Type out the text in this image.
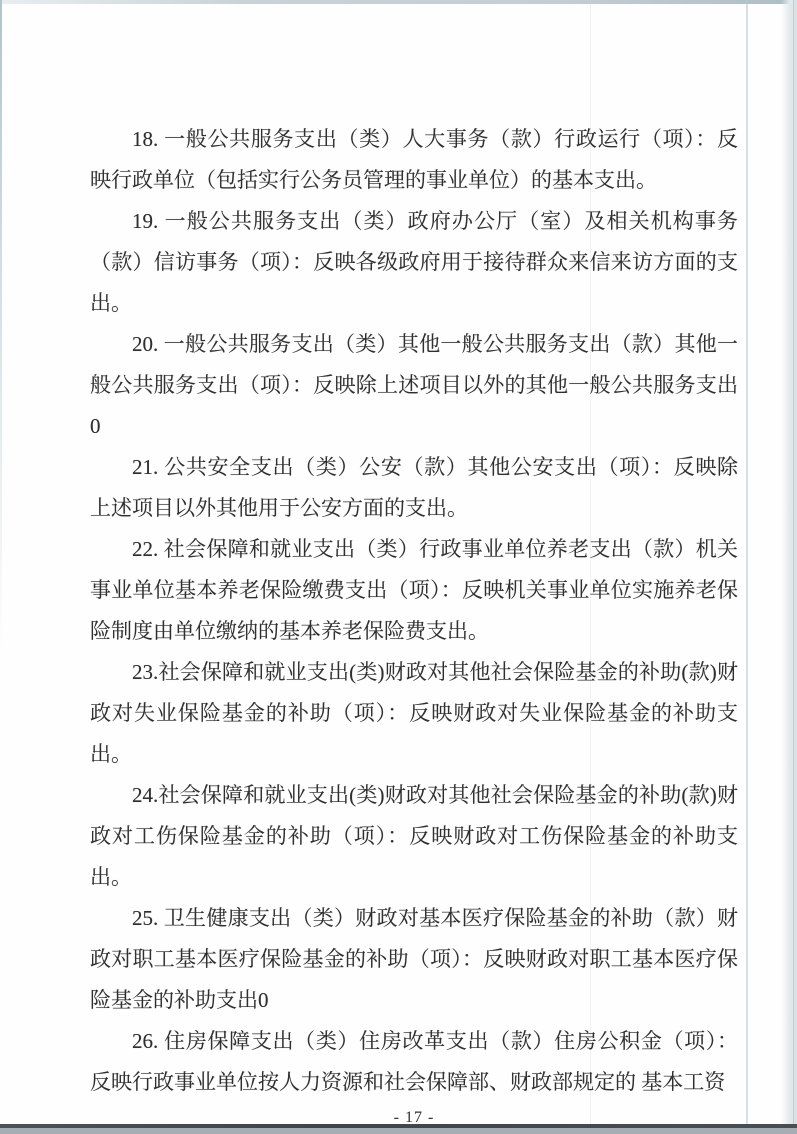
18. 一般公共服务支出（类）人大事务（款）行政运行（项）：反映行政单位（包括实行公务员管理的事业单位）的基本支出。

19. 一般公共服务支出（类）政府办公厅（室）及相关机构事务（款）信访事务（项）：反映各级政府用于接待群众来信来访方面的支出。

20. 一般公共服务支出（类）其他一般公共服务支出（款）其他一般公共服务支出（项）：反映除上述项目以外的其他一般公共服务支出0

21. 公共安全支出（类）公安（款）其他公安支出（项）：反映除上述项目以外其他用于公安方面的支出。

22. 社会保障和就业支出（类）行政事业单位养老支出（款）机关事业单位基本养老保险缴费支出（项）：反映机关事业单位实施养老保险制度由单位缴纳的基本养老保险费支出。

23.社会保障和就业支出(类)财政对其他社会保险基金的补助(款)财政对失业保险基金的补助（项）：反映财政对失业保险基金的补助支出。

24.社会保障和就业支出(类)财政对其他社会保险基金的补助(款)财政对工伤保险基金的补助（项）：反映财政对工伤保险基金的补助支出。

25. 卫生健康支出（类）财政对基本医疗保险基金的补助（款）财政对职工基本医疗保险基金的补助（项）：反映财政对职工基本医疗保险基金的补助支出0

26. 住房保障支出（类）住房改革支出（款）住房公积金（项）：反映行政事业单位按人力资源和社会保障部、财政部规定的 基本工资

- 17 -
